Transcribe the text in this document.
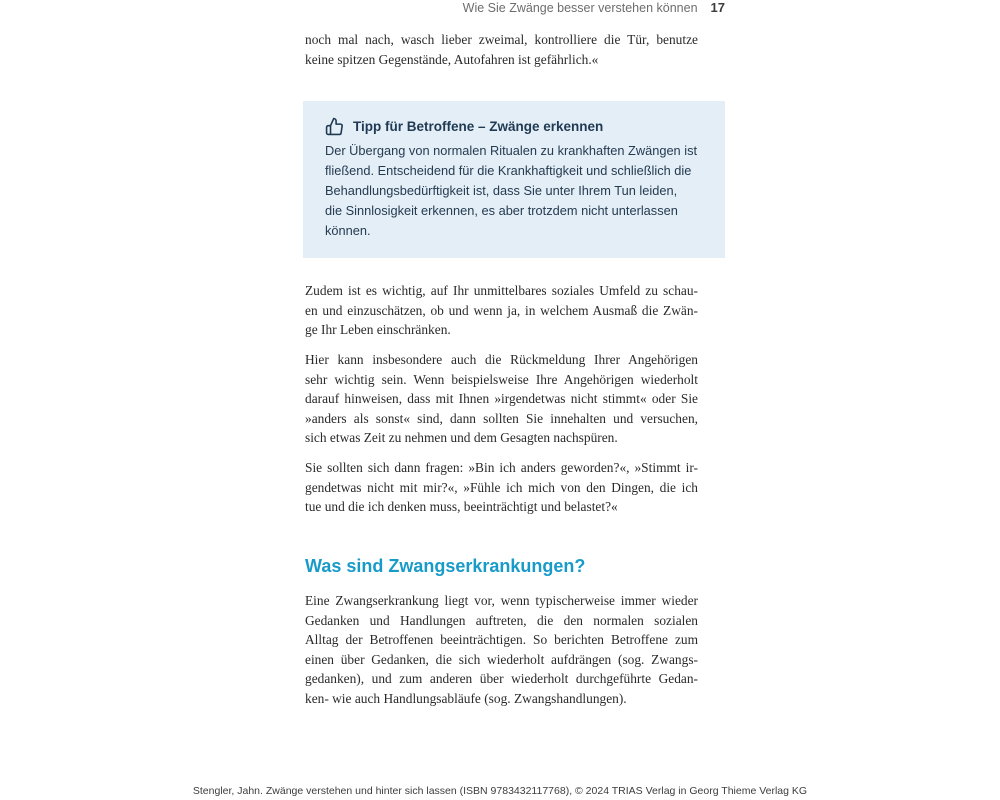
Wie Sie Zwänge besser verstehen können 17
noch mal nach, wasch lieber zweimal, kontrolliere die Tür, benutze
keine spitzen Gegenstände, Autofahren ist gefährlich.«
Tipp für Betroffene – Zwänge erkennen
Der Übergang von normalen Ritualen zu krankhaften Zwängen ist
fließend. Entscheidend für die Krankhaftigkeit und schließlich die
Behandlungsbedürftigkeit ist, dass Sie unter Ihrem Tun leiden,
die Sinnlosigkeit erkennen, es aber trotzdem nicht unterlassen
können.
Zudem ist es wichtig, auf Ihr unmittelbares soziales Umfeld zu schau-
en und einzuschätzen, ob und wenn ja, in welchem Ausmaß die Zwän-
ge Ihr Leben einschränken.
Hier kann insbesondere auch die Rückmeldung Ihrer Angehörigen
sehr wichtig sein. Wenn beispielsweise Ihre Angehörigen wiederholt
darauf hinweisen, dass mit Ihnen »irgendetwas nicht stimmt« oder Sie
»anders als sonst« sind, dann sollten Sie innehalten und versuchen,
sich etwas Zeit zu nehmen und dem Gesagten nachspüren.
Sie sollten sich dann fragen: »Bin ich anders geworden?«, »Stimmt ir-
gendetwas nicht mit mir?«, »Fühle ich mich von den Dingen, die ich
tue und die ich denken muss, beeinträchtigt und belastet?«
Was sind Zwangserkrankungen?
Eine Zwangserkrankung liegt vor, wenn typischerweise immer wieder
Gedanken und Handlungen auftreten, die den normalen sozialen
Alltag der Betroffenen beeinträchtigen. So berichten Betroffene zum
einen über Gedanken, die sich wiederholt aufdrängen (sog. Zwangs-
gedanken), und zum anderen über wiederholt durchgeführte Gedan-
ken- wie auch Handlungsabläufe (sog. Zwangshandlungen).
Stengler, Jahn. Zwänge verstehen und hinter sich lassen (ISBN 9783432117768), © 2024 TRIAS Verlag in Georg Thieme Verlag KG
